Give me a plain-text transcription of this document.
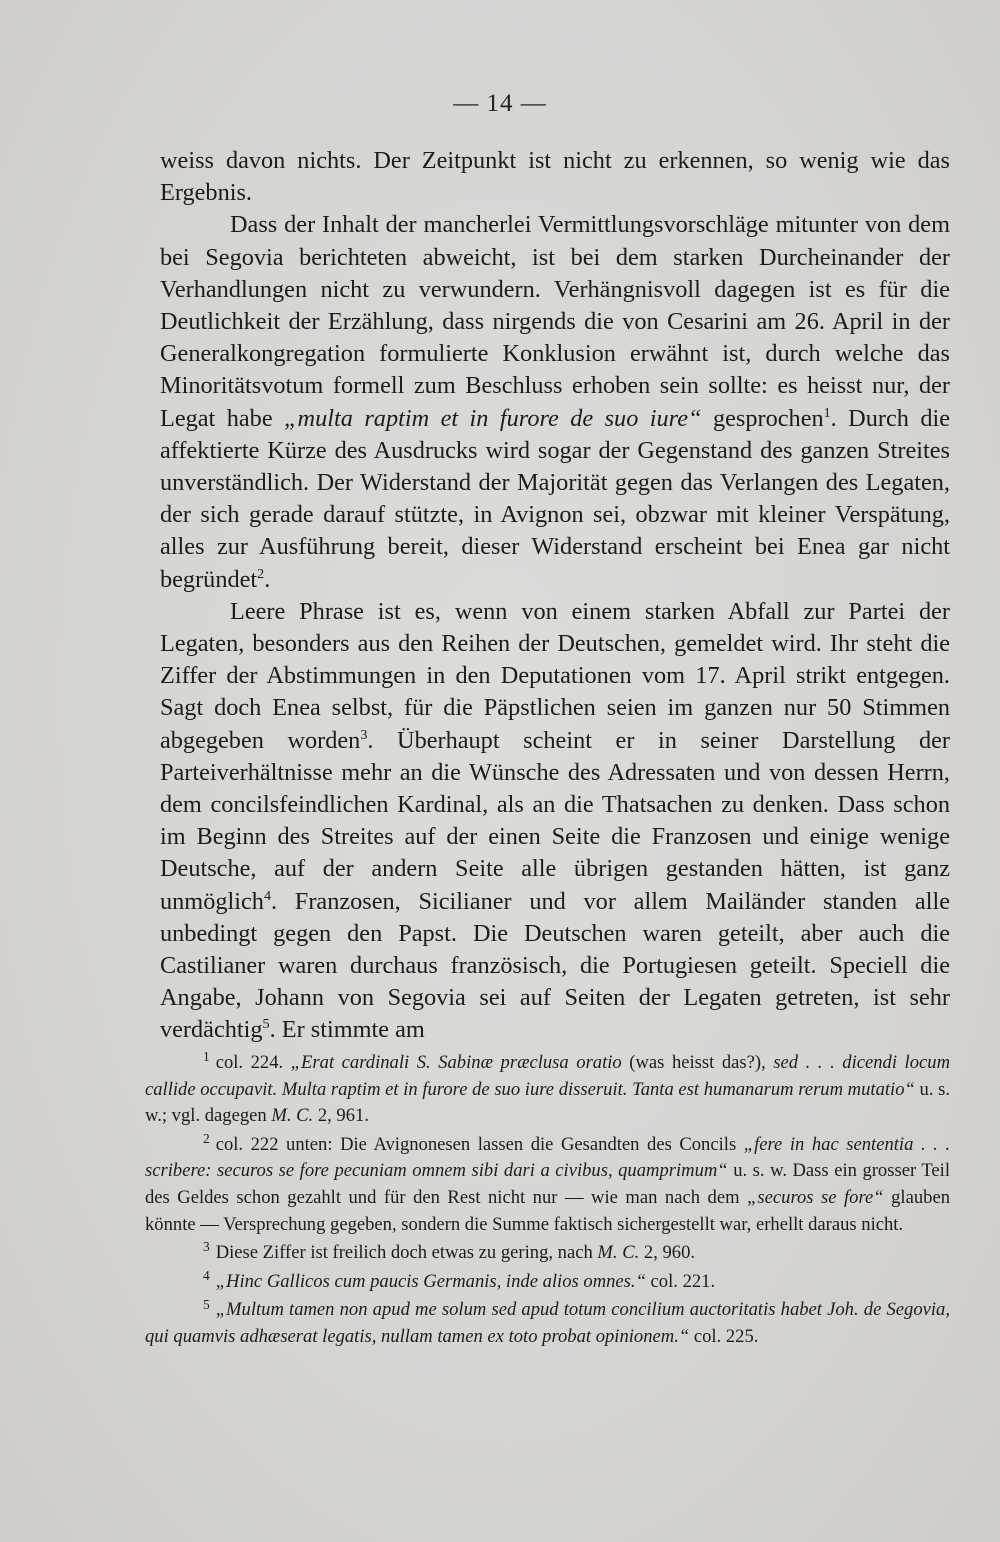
— 14 —

weiss davon nichts. Der Zeitpunkt ist nicht zu erkennen, so wenig wie das Ergebnis.

Dass der Inhalt der mancherlei Vermittlungsvorschläge mitunter von dem bei Segovia berichteten abweicht, ist bei dem starken Durcheinander der Verhandlungen nicht zu verwundern. Verhängnisvoll dagegen ist es für die Deutlichkeit der Erzählung, dass nirgends die von Cesarini am 26. April in der Generalkongregation formulierte Konklusion erwähnt ist, durch welche das Minoritätsvotum formell zum Beschluss erhoben sein sollte: es heisst nur, der Legat habe „multa raptim et in furore de suo iure“ gesprochen$^1$. Durch die affektierte Kürze des Ausdrucks wird sogar der Gegenstand des ganzen Streites unverständlich. Der Widerstand der Majorität gegen das Verlangen des Legaten, der sich gerade darauf stützte, in Avignon sei, obzwar mit kleiner Verspätung, alles zur Ausführung bereit, dieser Widerstand erscheint bei Enea gar nicht begründet$^2$.

Leere Phrase ist es, wenn von einem starken Abfall zur Partei der Legaten, besonders aus den Reihen der Deutschen, gemeldet wird. Ihr steht die Ziffer der Abstimmungen in den Deputationen vom 17. April strikt entgegen. Sagt doch Enea selbst, für die Päpstlichen seien im ganzen nur 50 Stimmen abgegeben worden$^3$. Überhaupt scheint er in seiner Darstellung der Parteiverhältnisse mehr an die Wünsche des Adressaten und von dessen Herrn, dem concilsfeindlichen Kardinal, als an die Thatsachen zu denken. Dass schon im Beginn des Streites auf der einen Seite die Franzosen und einige wenige Deutsche, auf der andern Seite alle übrigen gestanden hätten, ist ganz unmöglich$^4$. Franzosen, Sicilianer und vor allem Mailänder standen alle unbedingt gegen den Papst. Die Deutschen waren geteilt, aber auch die Castilianer waren durchaus französisch, die Portugiesen geteilt. Speciell die Angabe, Johann von Segovia sei auf Seiten der Legaten getreten, ist sehr verdächtig$^5$. Er stimmte am

$^1$ col. 224. „Erat cardinali S. Sabinæ præclusa oratio (was heisst das?), sed . . . dicendi locum callide occupavit. Multa raptim et in furore de suo iure disseruit. Tanta est humanarum rerum mutatio“ u. s. w.; vgl. dagegen M. C. 2, 961.

$^2$ col. 222 unten: Die Avignonesen lassen die Gesandten des Concils „fere in hac sententia . . . scribere: securos se fore pecuniam omnem sibi dari a civibus, quamprimum“ u. s. w. Dass ein grosser Teil des Geldes schon gezahlt und für den Rest nicht nur — wie man nach dem „securos se fore“ glauben könnte — Versprechung gegeben, sondern die Summe faktisch sichergestellt war, erhellt daraus nicht.

$^3$ Diese Ziffer ist freilich doch etwas zu gering, nach M. C. 2, 960.

$^4$ „Hinc Gallicos cum paucis Germanis, inde alios omnes.“ col. 221.

$^5$ „Multum tamen non apud me solum sed apud totum concilium auctoritatis habet Joh. de Segovia, qui quamvis adhæserat legatis, nullam tamen ex toto probat opinionem.“ col. 225.
